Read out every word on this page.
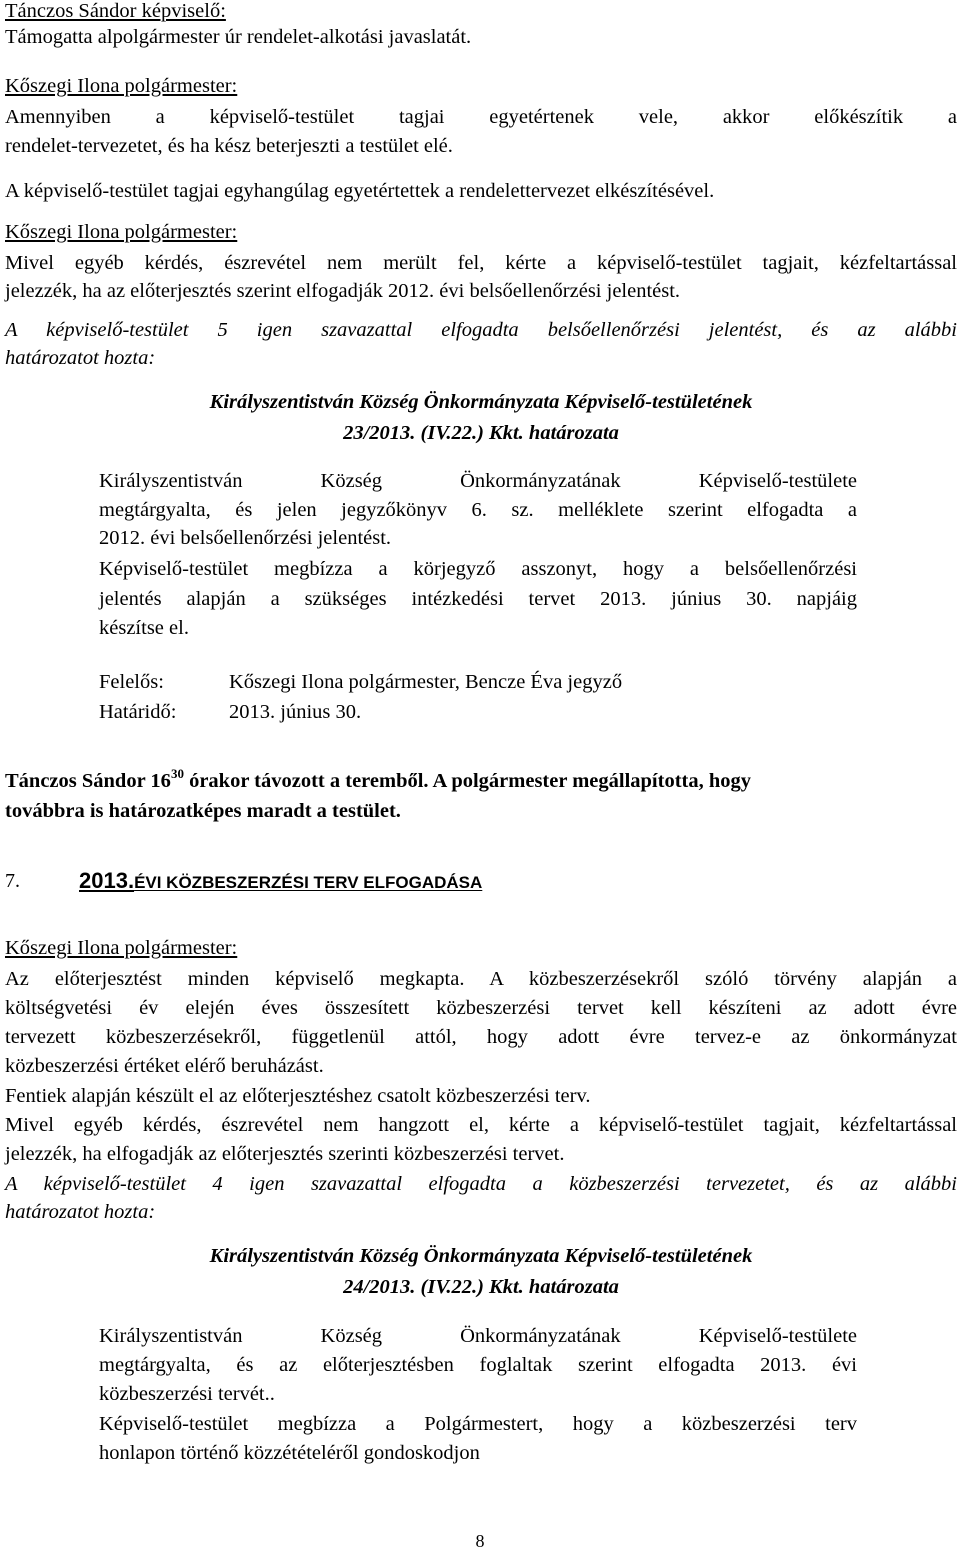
Tánczos Sándor képviselő:
Támogatta alpolgármester úr rendelet-alkotási javaslatát.
Kőszegi Ilona polgármester:
Amennyiben a képviselő-testület tagjai egyetértenek vele, akkor előkészítik a
rendelet-tervezetet, és ha kész beterjeszti a testület elé.
A képviselő-testület tagjai egyhangúlag egyetértettek a rendelettervezet elkészítésével.
Kőszegi Ilona polgármester:
Mivel egyéb kérdés, észrevétel nem merült fel, kérte a képviselő-testület tagjait, kézfeltartással
jelezzék, ha az előterjesztés szerint elfogadják 2012. évi belsőellenőrzési jelentést.
A képviselő-testület 5 igen szavazattal elfogadta belsőellenőrzési jelentést, és az alábbi
határozatot hozta:
Királyszentistván Község Önkormányzata Képviselő-testületének
23/2013. (IV.22.) Kkt. határozata
Királyszentistván Község Önkormányzatának Képviselő-testülete
megtárgyalta, és jelen jegyzőkönyv 6. sz. melléklete szerint elfogadta a
2012. évi belsőellenőrzési jelentést.
Képviselő-testület megbízza a körjegyző asszonyt, hogy a belsőellenőrzési
jelentés alapján a szükséges intézkedési tervet 2013. június 30. napjáig
készítse el.
Felelős:	Kőszegi Ilona polgármester, Bencze Éva jegyző
Határidő:	2013. június 30.
Tánczos Sándor $16^{30}$ órakor távozott a teremből. A polgármester megállapította, hogy
továbbra is határozatképes maradt a testület.
7.	2013.ÉVI KÖZBESZERZÉSI TERV ELFOGADÁSA
Kőszegi Ilona polgármester:
Az előterjesztést minden képviselő megkapta. A közbeszerzésekről szóló törvény alapján a
költségvetési év elején éves összesített közbeszerzési tervet kell készíteni az adott évre
tervezett közbeszerzésekről, függetlenül attól, hogy adott évre tervez-e az önkormányzat
közbeszerzési értéket elérő beruházást.
Fentiek alapján készült el az előterjesztéshez csatolt közbeszerzési terv.
Mivel egyéb kérdés, észrevétel nem hangzott el, kérte a képviselő-testület tagjait, kézfeltartással
jelezzék, ha elfogadják az előterjesztés szerinti közbeszerzési tervet.
A képviselő-testület 4 igen szavazattal elfogadta a közbeszerzési tervezetet, és az alábbi
határozatot hozta:
Királyszentistván Község Önkormányzata Képviselő-testületének
24/2013. (IV.22.) Kkt. határozata
Királyszentistván Község Önkormányzatának Képviselő-testülete
megtárgyalta, és az előterjesztésben foglaltak szerint elfogadta 2013. évi
közbeszerzési tervét..
Képviselő-testület megbízza a Polgármestert, hogy a közbeszerzési terv
honlapon történő közzétételéről gondoskodjon
8
